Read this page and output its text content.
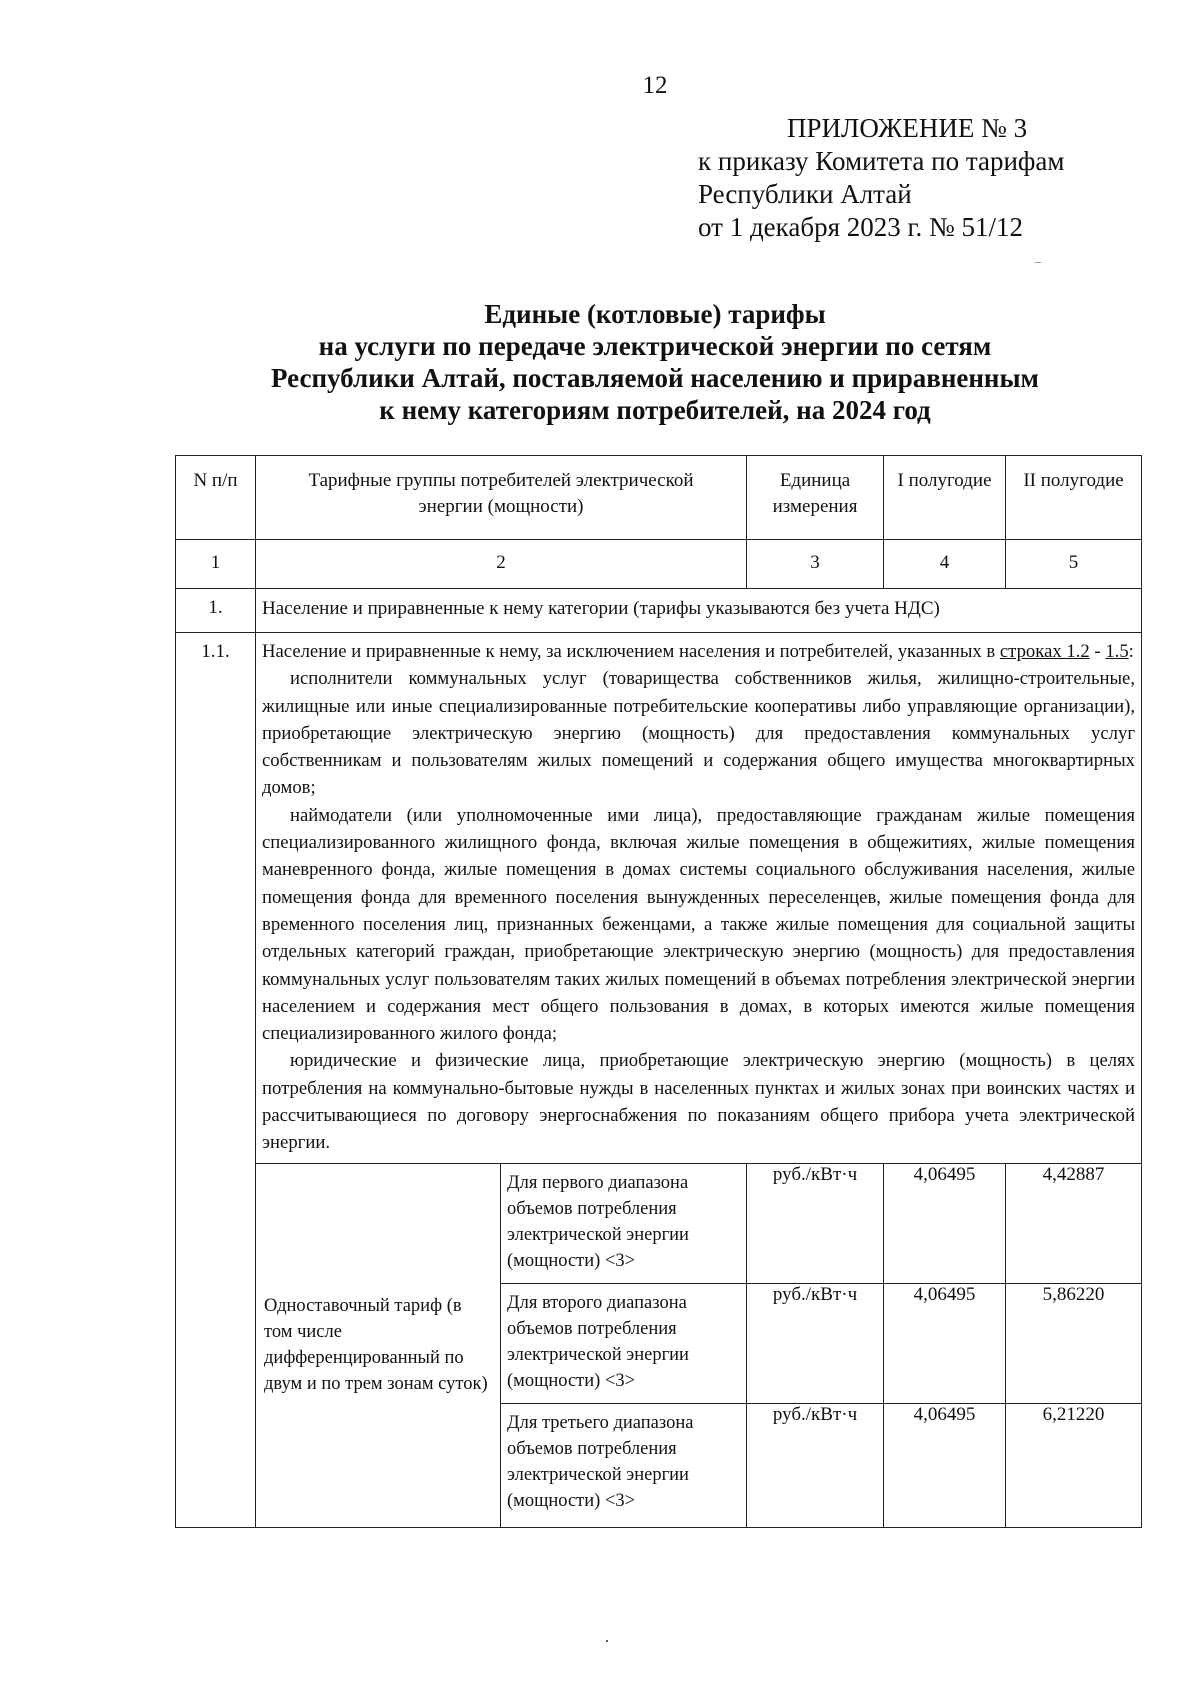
12
ПРИЛОЖЕНИЕ № 3
к приказу Комитета по тарифам
Республики Алтай
от 1 декабря 2023 г. № 51/12
Единые (котловые) тарифы
на услуги по передаче электрической энергии по сетям
Республики Алтай, поставляемой населению и приравненным
к нему категориям потребителей, на 2024 год
N п/п	Тарифные группы потребителей электрической энергии (мощности)		Единица измерения	I полугодие	II полугодие
1	2		3	4	5
1.	Население и приравненные к нему категории (тарифы указываются без учета НДС)				

1.1.	Население и приравненные к нему, за исключением населения и потребителей, указанных в строках 1.2 - 1.5:

исполнители коммунальных услуг (товарищества собственников жилья, жилищно-строительные, жилищные или иные специализированные потребительские кооперативы либо управляющие организации), приобретающие электрическую энергию (мощность) для предоставления коммунальных услуг собственникам и пользователям жилых помещений и содержания общего имущества многоквартирных домов;

наймодатели (или уполномоченные ими лица), предоставляющие гражданам жилые помещения специализированного жилищного фонда, включая жилые помещения в общежитиях, жилые помещения маневренного фонда, жилые помещения в домах системы социального обслуживания населения, жилые помещения фонда для временного поселения вынужденных переселенцев, жилые помещения фонда для временного поселения лиц, признанных беженцами, а также жилые помещения для социальной защиты отдельных категорий граждан, приобретающие электрическую энергию (мощность) для предоставления коммунальных услуг пользователям таких жилых помещений в объемах потребления электрической энергии населением и содержания мест общего пользования в домах, в которых имеются жилые помещения специализированного жилого фонда;

юридические и физические лица, приобретающие электрическую энергию (мощность) в целях потребления на коммунально-бытовые нужды в населенных пунктах и жилых зонах при воинских частях и рассчитывающиеся по договору энергоснабжения по показаниям общего прибора учета электрической энергии.				

	Одноставочный тариф (в том числе дифференцированный по двум и по трем зонам суток)	Для первого диапазона объемов потребления электрической энергии (мощности) <3>	руб./кВт·ч	4,06495	4,42887
		Для второго диапазона объемов потребления электрической энергии (мощности) <3>	руб./кВт·ч	4,06495	5,86220
		Для третьего диапазона объемов потребления электрической энергии (мощности) <3>	руб./кВт·ч	4,06495	6,21220
